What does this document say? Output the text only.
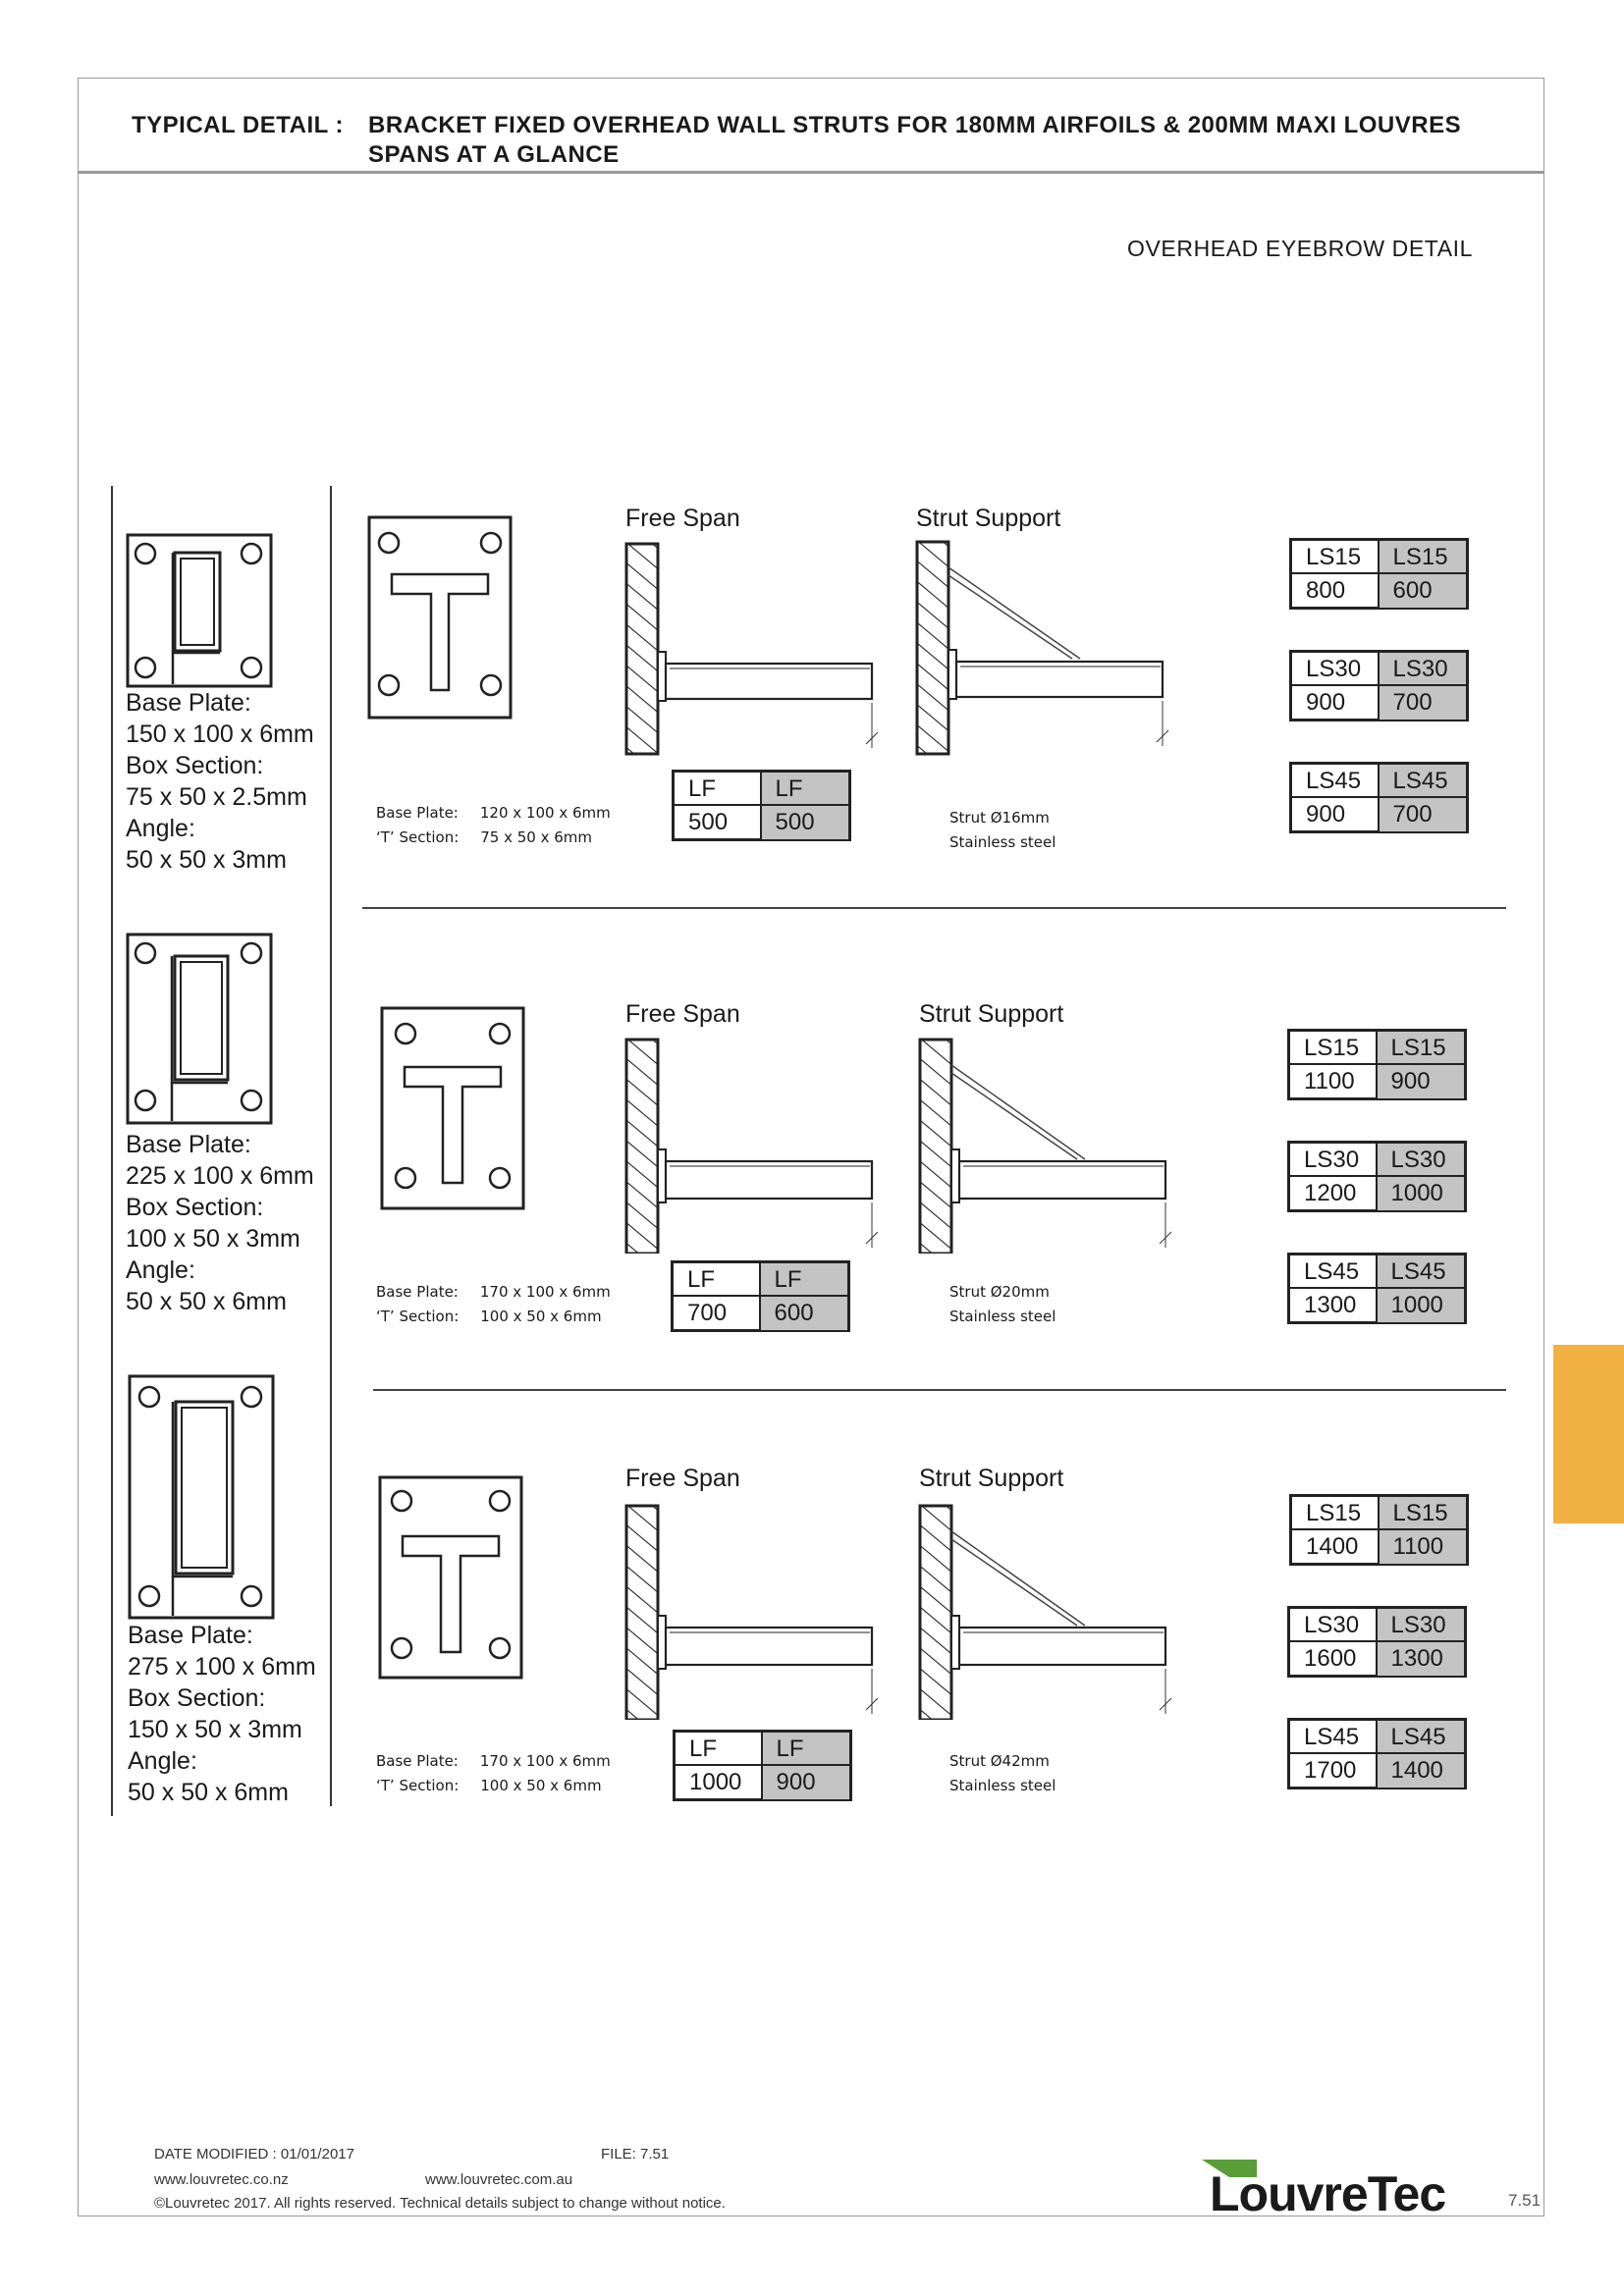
TYPICAL DETAIL : BRACKET FIXED OVERHEAD WALL STRUTS FOR 180MM AIRFOILS & 200MM MAXI LOUVRES
SPANS AT A GLANCE
OVERHEAD EYEBROW DETAIL

Base Plate:

150 x 100 x 6mm

Box Section:

75 x 50 x 2.5mm

Angle:

50 x 50 x 3mm

Base Plate: 120 x 100 x 6mm
‘T’ Section: 75 x 50 x 6mm
Free Span
LF	LF
500	500
Strut Support
Strut Ø16mm
Stainless steel
LS15	LS15
800	600
LS30	LS30
900	700
LS45	LS45
900	700

Base Plate:

225 x 100 x 6mm

Box Section:

100 x 50 x 3mm

Angle:

50 x 50 x 6mm	Base Plate: 170 x 100 x 6mm
‘T’ Section: 100 x 50 x 6mm
Free Span
LF	LF
700	600
Strut Support
Strut Ø20mm
Stainless steel
LS15	LS15
1100	900
LS30	LS30
1200	1000
LS45	LS45
1300	1000

Base Plate:

275 x 100 x 6mm

Box Section:

150 x 50 x 3mm

Angle:

50 x 50 x 6mm

Base Plate: 170 x 100 x 6mm
‘T’ Section: 100 x 50 x 6mm
Free Span
LF	LF
1000	900
Strut Support
Strut Ø42mm
Stainless steel
LS15	LS15
1400	1100
LS30	LS30
1600	1300
LS45	LS45
1700	1400
DATE MODIFIED : 01/01/2017	FILE: 7.51
www.louvretec.co.nz	www.louvretec.com.au
©Louvretec 2017. All rights reserved. Technical details subject to change without notice.	LouvreTec	7.51
